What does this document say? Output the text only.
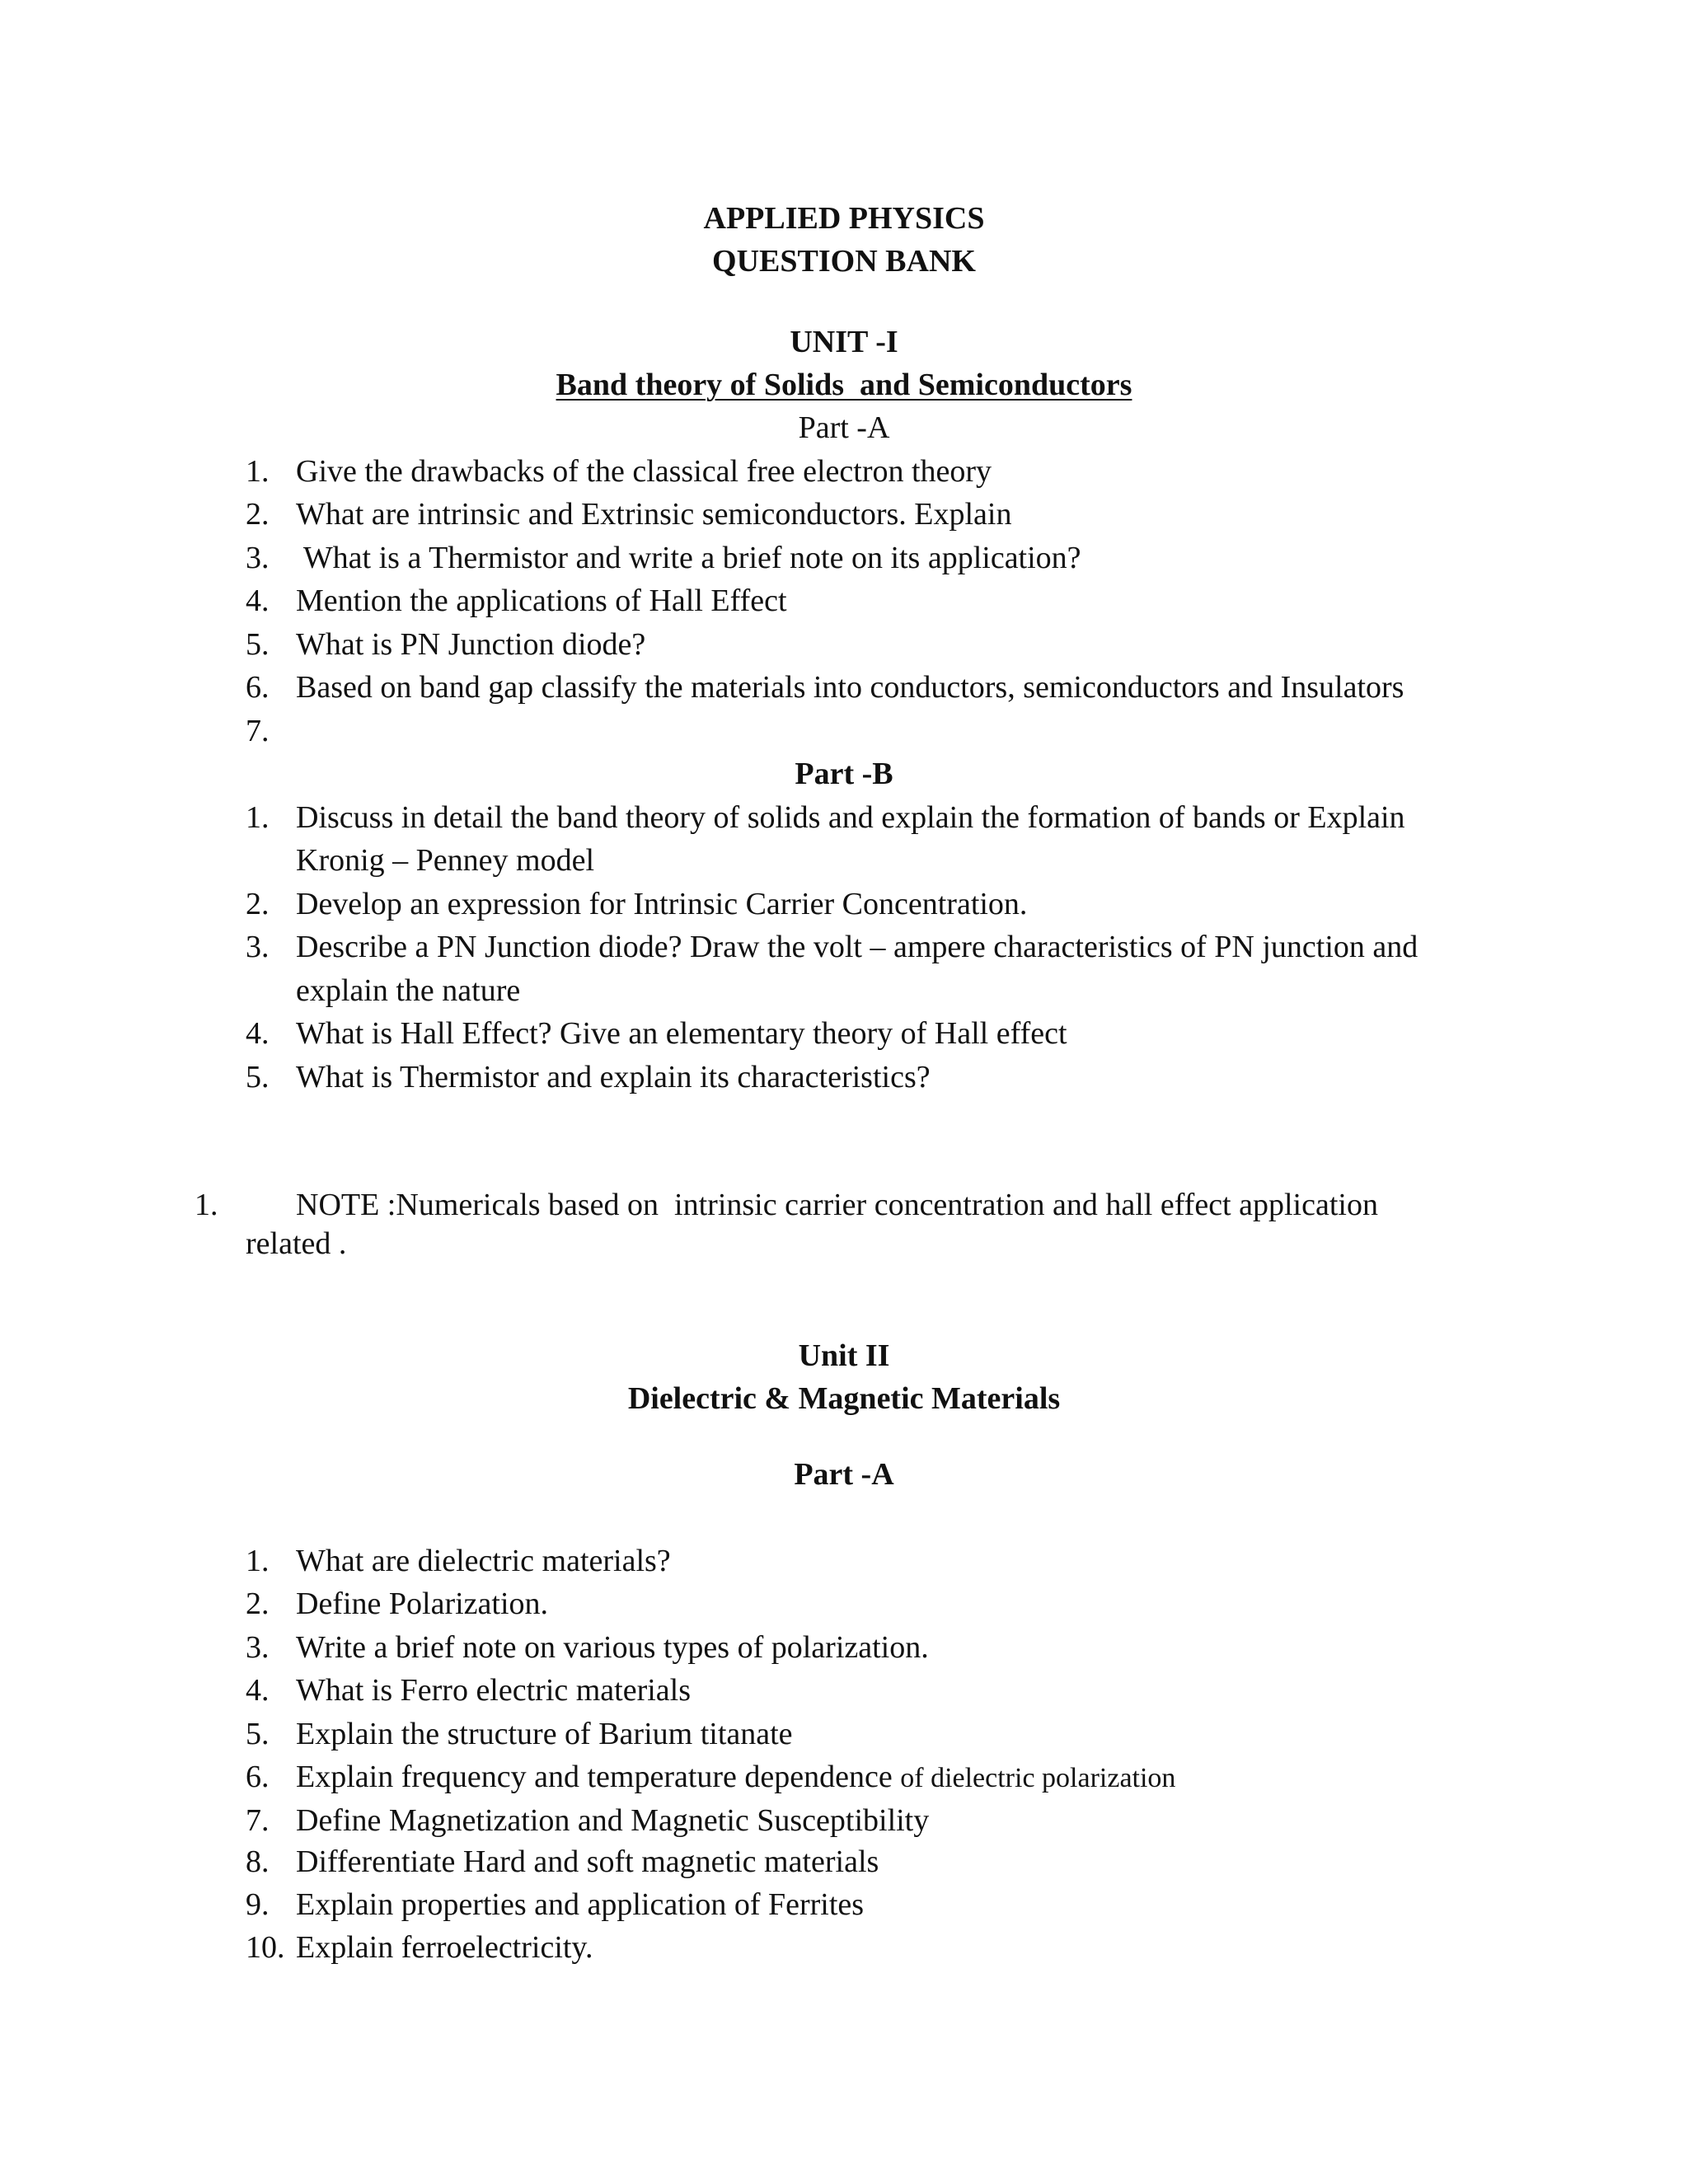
APPLIED PHYSICS
QUESTION BANK
UNIT -I
Band theory of Solids  and Semiconductors
Part -A
1. Give the drawbacks of the classical free electron theory
2. What are intrinsic and Extrinsic semiconductors. Explain
3. What is a Thermistor and write a brief note on its application?
4. Mention the applications of Hall Effect
5. What is PN Junction diode?
6. Based on band gap classify the materials into conductors, semiconductors and Insulators
7.
Part -B
1. Discuss in detail the band theory of solids and explain the formation of bands or Explain
Kronig – Penney model
2. Develop an expression for Intrinsic Carrier Concentration.
3. Describe a PN Junction diode? Draw the volt – ampere characteristics of PN junction and
explain the nature
4. What is Hall Effect? Give an elementary theory of Hall effect
5. What is Thermistor and explain its characteristics?
1. NOTE :Numericals based on  intrinsic carrier concentration and hall effect application
related .
Unit II
Dielectric & Magnetic Materials
Part -A
1. What are dielectric materials?
2. Define Polarization.
3. Write a brief note on various types of polarization.
4. What is Ferro electric materials
5. Explain the structure of Barium titanate
6. Explain frequency and temperature dependence of dielectric polarization
7. Define Magnetization and Magnetic Susceptibility
8. Differentiate Hard and soft magnetic materials
9. Explain properties and application of Ferrites
10. Explain ferroelectricity.
